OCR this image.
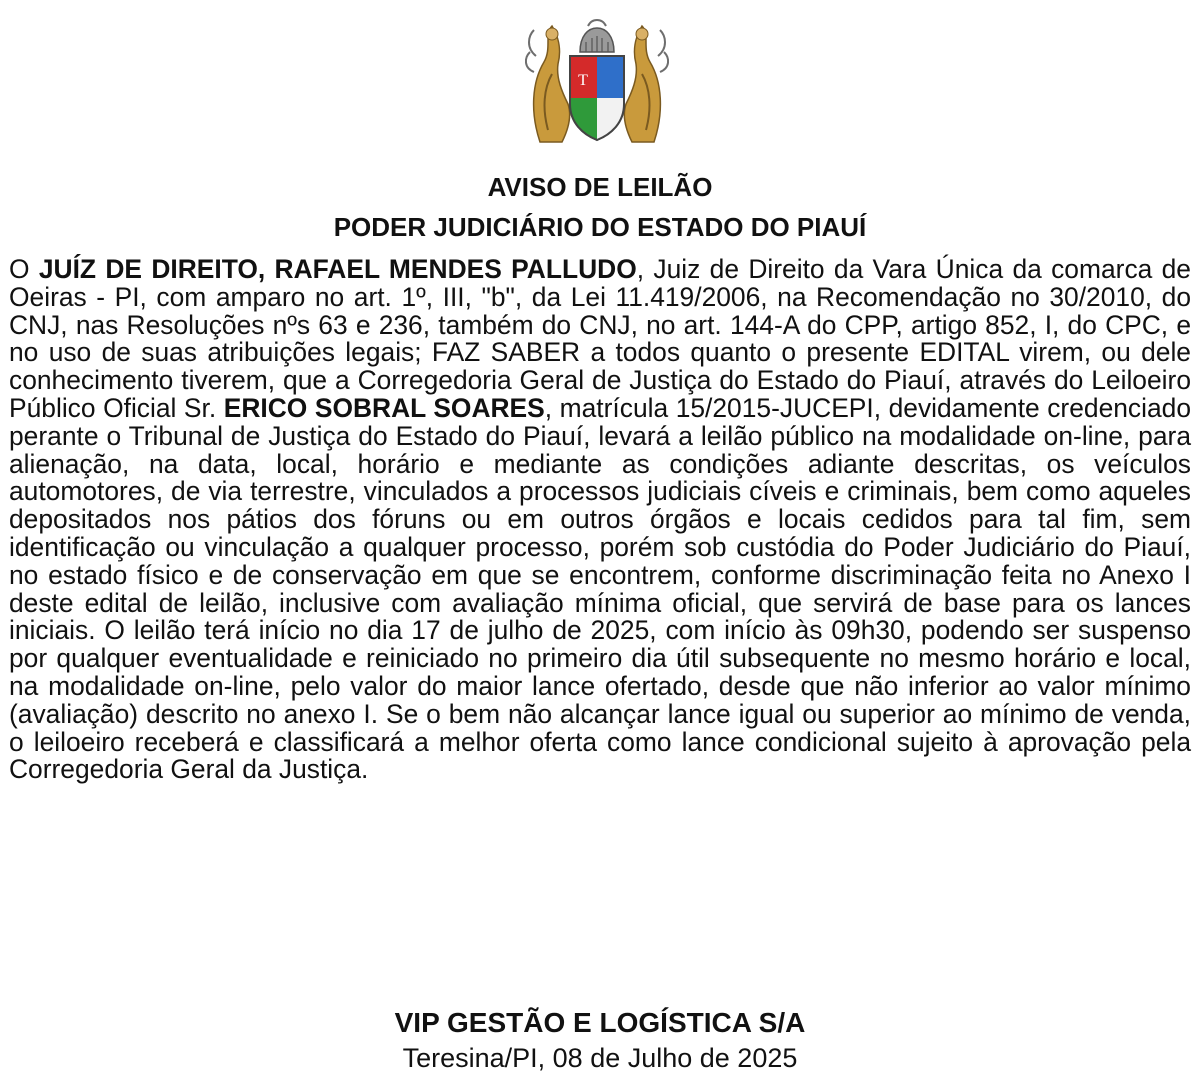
T
AVISO DE LEILÃO
PODER JUDICIÁRIO DO ESTADO DO PIAUÍ

O JUÍZ DE DIREITO, RAFAEL MENDES PALLUDO, Juiz de Direito da Vara Única da comarca de Oeiras - PI, com amparo no art. 1º, III, "b", da Lei 11.419/2006, na Recomendação no 30/2010, do CNJ, nas Resoluções nºs 63 e 236, também do CNJ, no art. 144-A do CPP, artigo 852, I, do CPC, e no uso de suas atribuições legais; FAZ SABER a todos quanto o presente EDITAL virem, ou dele conhecimento tiverem, que a Corregedoria Geral de Justiça do Estado do Piauí, através do Leiloeiro Público Oficial Sr. ERICO SOBRAL SOARES, matrícula 15/2015-JUCEPI, devidamente credenciado perante o Tribunal de Justiça do Estado do Piauí, levará a leilão público na modalidade on-line, para alienação, na data, local, horário e mediante as condições adiante descritas, os veículos automotores, de via terrestre, vinculados a processos judiciais cíveis e criminais, bem como aqueles depositados nos pátios dos fóruns ou em outros órgãos e locais cedidos para tal fim, sem identificação ou vinculação a qualquer processo, porém sob custódia do Poder Judiciário do Piauí, no estado físico e de conservação em que se encontrem, conforme discriminação feita no Anexo I deste edital de leilão, inclusive com avaliação mínima oficial, que servirá de base para os lances iniciais. O leilão terá início no dia 17 de julho de 2025, com início às 09h30, podendo ser suspenso por qualquer eventualidade e reiniciado no primeiro dia útil subsequente no mesmo horário e local, na modalidade on-line, pelo valor do maior lance ofertado, desde que não inferior ao valor mínimo (avaliação) descrito no anexo I. Se o bem não alcançar lance igual ou superior ao mínimo de venda, o leiloeiro receberá e classificará a melhor oferta como lance condicional sujeito à aprovação pela Corregedoria Geral da Justiça.

VIP GESTÃO E LOGÍSTICA S/A

Teresina/PI, 08 de Julho de 2025
